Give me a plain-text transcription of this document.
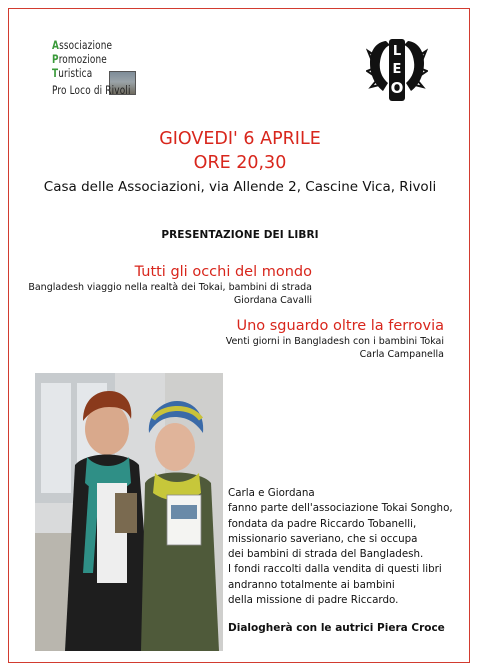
Associazione
Promozione
Turistica
Pro Loco di Rivoli
L
E
O
GIOVEDI' 6 APRILE
ORE 20,30
Casa delle Associazioni, via Allende 2, Cascine Vica, Rivoli
PRESENTAZIONE DEI LIBRI
Tutti gli occhi del mondo
Bangladesh viaggio nella realtà dei Tokai, bambini di strada
Giordana Cavalli
Uno sguardo oltre la ferrovia
Venti giorni in Bangladesh con i bambini Tokai
Carla Campanella
Carla e Giordana
fanno parte dell'associazione Tokai Songho,
fondata da padre Riccardo Tobanelli,
missionario saveriano, che si occupa
dei bambini di strada del Bangladesh.
I fondi raccolti dalla vendita di questi libri
andranno totalmente ai bambini
della missione di padre Riccardo.
Dialogherà con le autrici Piera Croce
